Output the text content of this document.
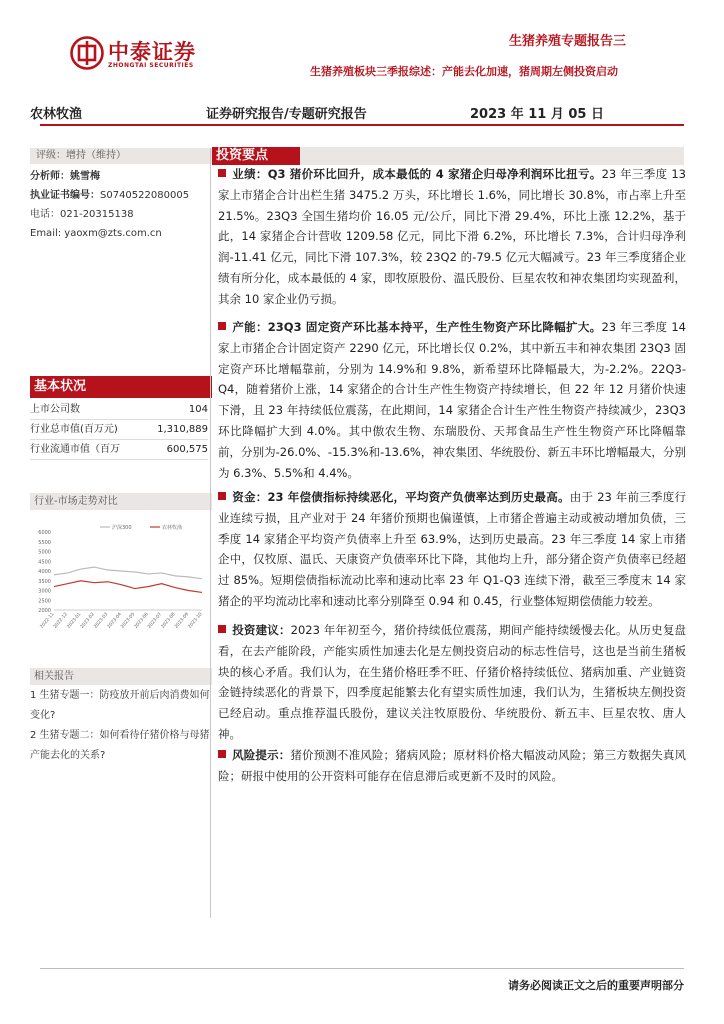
中泰证券
ZHONGTAI SECURITIES
生猪养殖专题报告三
生猪养殖板块三季报综述：产能去化加速，猪周期左侧投资启动
农林牧渔	证券研究报告/专题研究报告	2023 年 11 月 05 日
评级：增持（维持）
分析师：姚雪梅
执业证书编号：S0740522080005
电话：021-20315138
Email: yaoxm@zts.com.cn
基本状况
上市公司数	104
行业总市值(百万元)	1,310,889
行业流通市值（百万	600,575
行业-市场走势对比
6000
5500
5000
4500
4000
3500
3000
2500
2000
2022-11
2022-12
2023-01
2023-02
2023-03
2023-04
2023-05
2023-06
2023-07
2023-08
2023-09
2023-10
沪深300	农林牧渔
相关报告
1 生猪专题一：防疫放开前后肉消费如何变化?
2 生猪专题二：如何看待仔猪价格与母猪产能去化的关系?
投资要点
业绩：Q3 猪价环比回升，成本最低的 4 家猪企归母净利润环比扭亏。23 年三季度 13 家上市猪企合计出栏生猪 3475.2 万头，环比增长 1.6%，同比增长 30.8%，市占率上升至 21.5%。23Q3 全国生猪均价 16.05 元/公斤，同比下滑 29.4%，环比上涨 12.2%，基于此，14 家猪企合计营收 1209.58 亿元，同比下滑 6.2%，环比增长 7.3%，合计归母净利润-11.41 亿元，同比下滑 107.3%，较 23Q2 的-79.5 亿元大幅减亏。23 年三季度猪企业绩有所分化，成本最低的 4 家，即牧原股份、温氏股份、巨星农牧和神农集团均实现盈利，其余 10 家企业仍亏损。
产能：23Q3 固定资产环比基本持平，生产性生物资产环比降幅扩大。23 年三季度 14 家上市猪企合计固定资产 2290 亿元，环比增长仅 0.2%，其中新五丰和神农集团 23Q3 固定资产环比增幅靠前，分别为 14.9%和 9.8%，新希望环比降幅最大，为-2.2%。22Q3-Q4，随着猪价上涨，14 家猪企的合计生产性生物资产持续增长，但 22 年 12 月猪价快速下滑，且 23 年持续低位震荡，在此期间，14 家猪企合计生产性生物资产持续减少，23Q3 环比降幅扩大到 4.0%。其中傲农生物、东瑞股份、天邦食品生产性生物资产环比降幅靠前，分别为-26.0%、-15.3%和-13.6%，神农集团、华统股份、新五丰环比增幅最大，分别为 6.3%、5.5%和 4.4%。
资金：23 年偿债指标持续恶化，平均资产负债率达到历史最高。由于 23 年前三季度行业连续亏损，且产业对于 24 年猪价预期也偏谨慎，上市猪企普遍主动或被动增加负债，三季度 14 家猪企平均资产负债率上升至 63.9%，达到历史最高。23 年三季度 14 家上市猪企中，仅牧原、温氏、天康资产负债率环比下降，其他均上升，部分猪企资产负债率已经超过 85%。短期偿债指标流动比率和速动比率 23 年 Q1-Q3 连续下滑，截至三季度末 14 家猪企的平均流动比率和速动比率分别降至 0.94 和 0.45，行业整体短期偿债能力较差。
投资建议：2023 年年初至今，猪价持续低位震荡，期间产能持续缓慢去化。从历史复盘看，在去产能阶段，产能实质性加速去化是左侧投资启动的标志性信号，这也是当前生猪板块的核心矛盾。我们认为，在生猪价格旺季不旺、仔猪价格持续低位、猪病加重、产业链资金链持续恶化的背景下，四季度起能繁去化有望实质性加速，我们认为，生猪板块左侧投资已经启动。重点推荐温氏股份，建议关注牧原股份、华统股份、新五丰、巨星农牧、唐人神。
风险提示：猪价预测不准风险；猪病风险；原材料价格大幅波动风险；第三方数据失真风险；研报中使用的公开资料可能存在信息滞后或更新不及时的风险。
请务必阅读正文之后的重要声明部分
